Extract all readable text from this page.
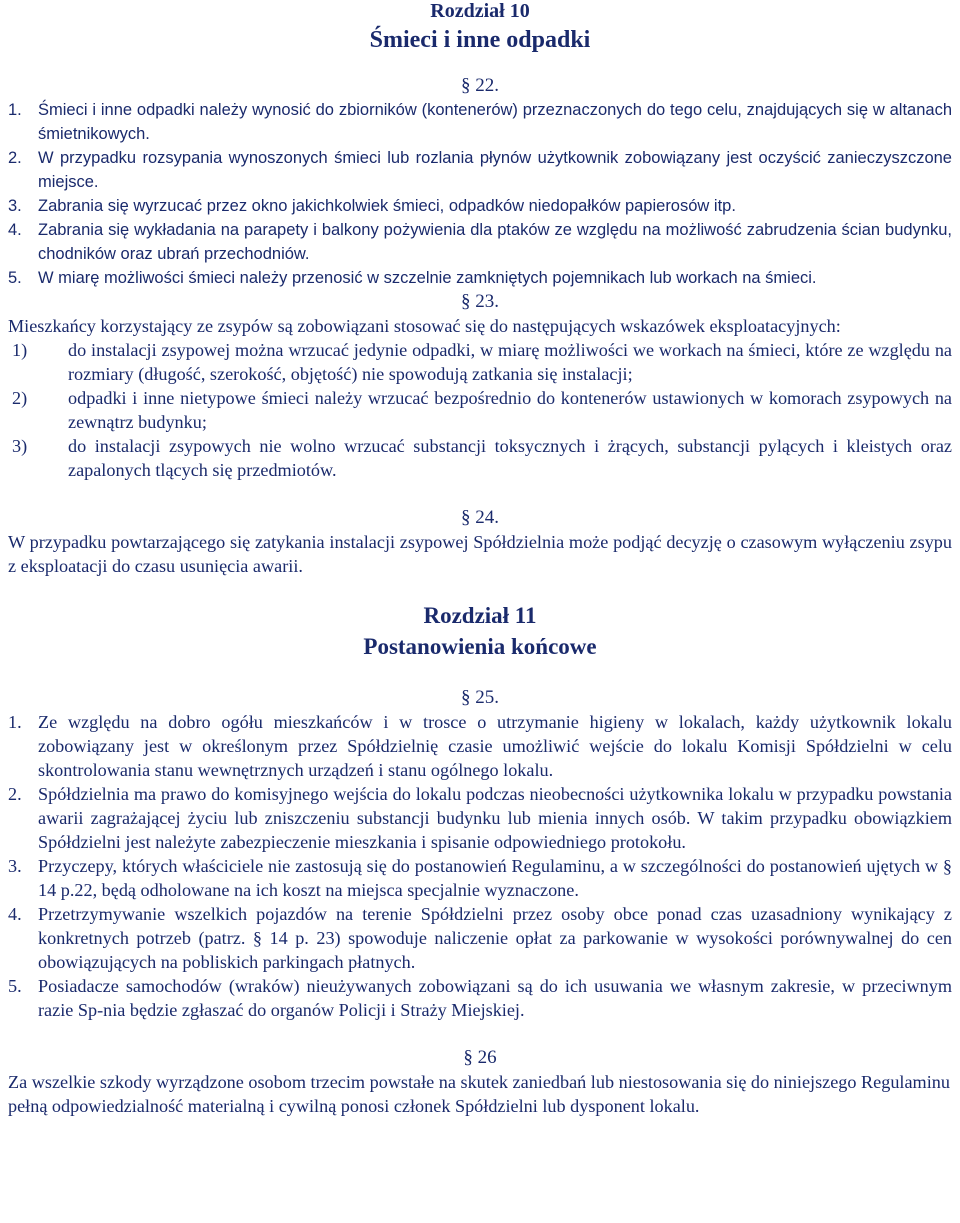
Rozdział 10
Śmieci i inne odpadki
§ 22.
1. Śmieci i inne odpadki należy wynosić do zbiorników (kontenerów) przeznaczonych do tego celu, znajdujących się w altanach śmietnikowych.
2. W przypadku rozsypania wynoszonych śmieci lub rozlania płynów użytkownik zobowiązany jest oczyścić zanieczyszczone miejsce.
3. Zabrania się wyrzucać przez okno jakichkolwiek śmieci, odpadków niedopałków papierosów itp.
4. Zabrania się wykładania na parapety i balkony pożywienia dla ptaków ze względu na możliwość zabrudzenia ścian budynku, chodników oraz ubrań przechodniów.
5. W miarę możliwości śmieci należy przenosić w szczelnie zamkniętych pojemnikach lub workach na śmieci.
§ 23.
Mieszkańcy korzystający ze zsypów są zobowiązani stosować się do następujących wskazówek eksploatacyjnych:
1)	do instalacji zsypowej można wrzucać jedynie odpadki, w miarę możliwości we workach na śmieci, które ze względu na rozmiary (długość, szerokość, objętość) nie spowodują zatkania się instalacji;
2)	odpadki i inne nietypowe śmieci należy wrzucać bezpośrednio do kontenerów ustawionych w komorach zsypowych na zewnątrz budynku;
3)	do instalacji zsypowych nie wolno wrzucać substancji toksycznych i żrących, substancji pylących i kleistych oraz zapalonych tlących się przedmiotów.
§ 24.
W przypadku powtarzającego się zatykania instalacji zsypowej Spółdzielnia może podjąć decyzję o czasowym wyłączeniu zsypu z eksploatacji do czasu usunięcia awarii.
Rozdział 11
Postanowienia końcowe
§ 25.
1. Ze względu na dobro ogółu mieszkańców i w trosce o utrzymanie higieny w lokalach, każdy użytkownik lokalu zobowiązany jest w określonym przez Spółdzielnię czasie umożliwić wejście do lokalu Komisji Spółdzielni w celu skontrolowania stanu wewnętrznych urządzeń i stanu ogólnego lokalu.
2. Spółdzielnia ma prawo do komisyjnego wejścia do lokalu podczas nieobecności użytkownika lokalu w przypadku powstania awarii zagrażającej życiu lub zniszczeniu substancji budynku lub mienia innych osób. W takim przypadku obowiązkiem Spółdzielni jest należyte zabezpieczenie mieszkania i spisanie odpowiedniego protokołu.
3. Przyczepy, których właściciele nie zastosują się do postanowień Regulaminu, a w szczególności do postanowień ujętych w § 14 p.22, będą odholowane na ich koszt na miejsca specjalnie wyznaczone.
4. Przetrzymywanie wszelkich pojazdów na terenie Spółdzielni przez osoby obce ponad czas uzasadniony wynikający z konkretnych potrzeb (patrz. § 14 p. 23) spowoduje naliczenie opłat za parkowanie w wysokości porównywalnej do cen obowiązujących na pobliskich parkingach płatnych.
5. Posiadacze samochodów (wraków) nieużywanych zobowiązani są do ich usuwania we własnym zakresie, w przeciwnym razie Sp-nia będzie zgłaszać do organów Policji i Straży Miejskiej.
§ 26
Za wszelkie szkody wyrządzone osobom trzecim powstałe na skutek zaniedbań lub niestosowania się do niniejszego Regulaminu pełną odpowiedzialność materialną i cywilną ponosi członek Spółdzielni lub dysponent lokalu.
